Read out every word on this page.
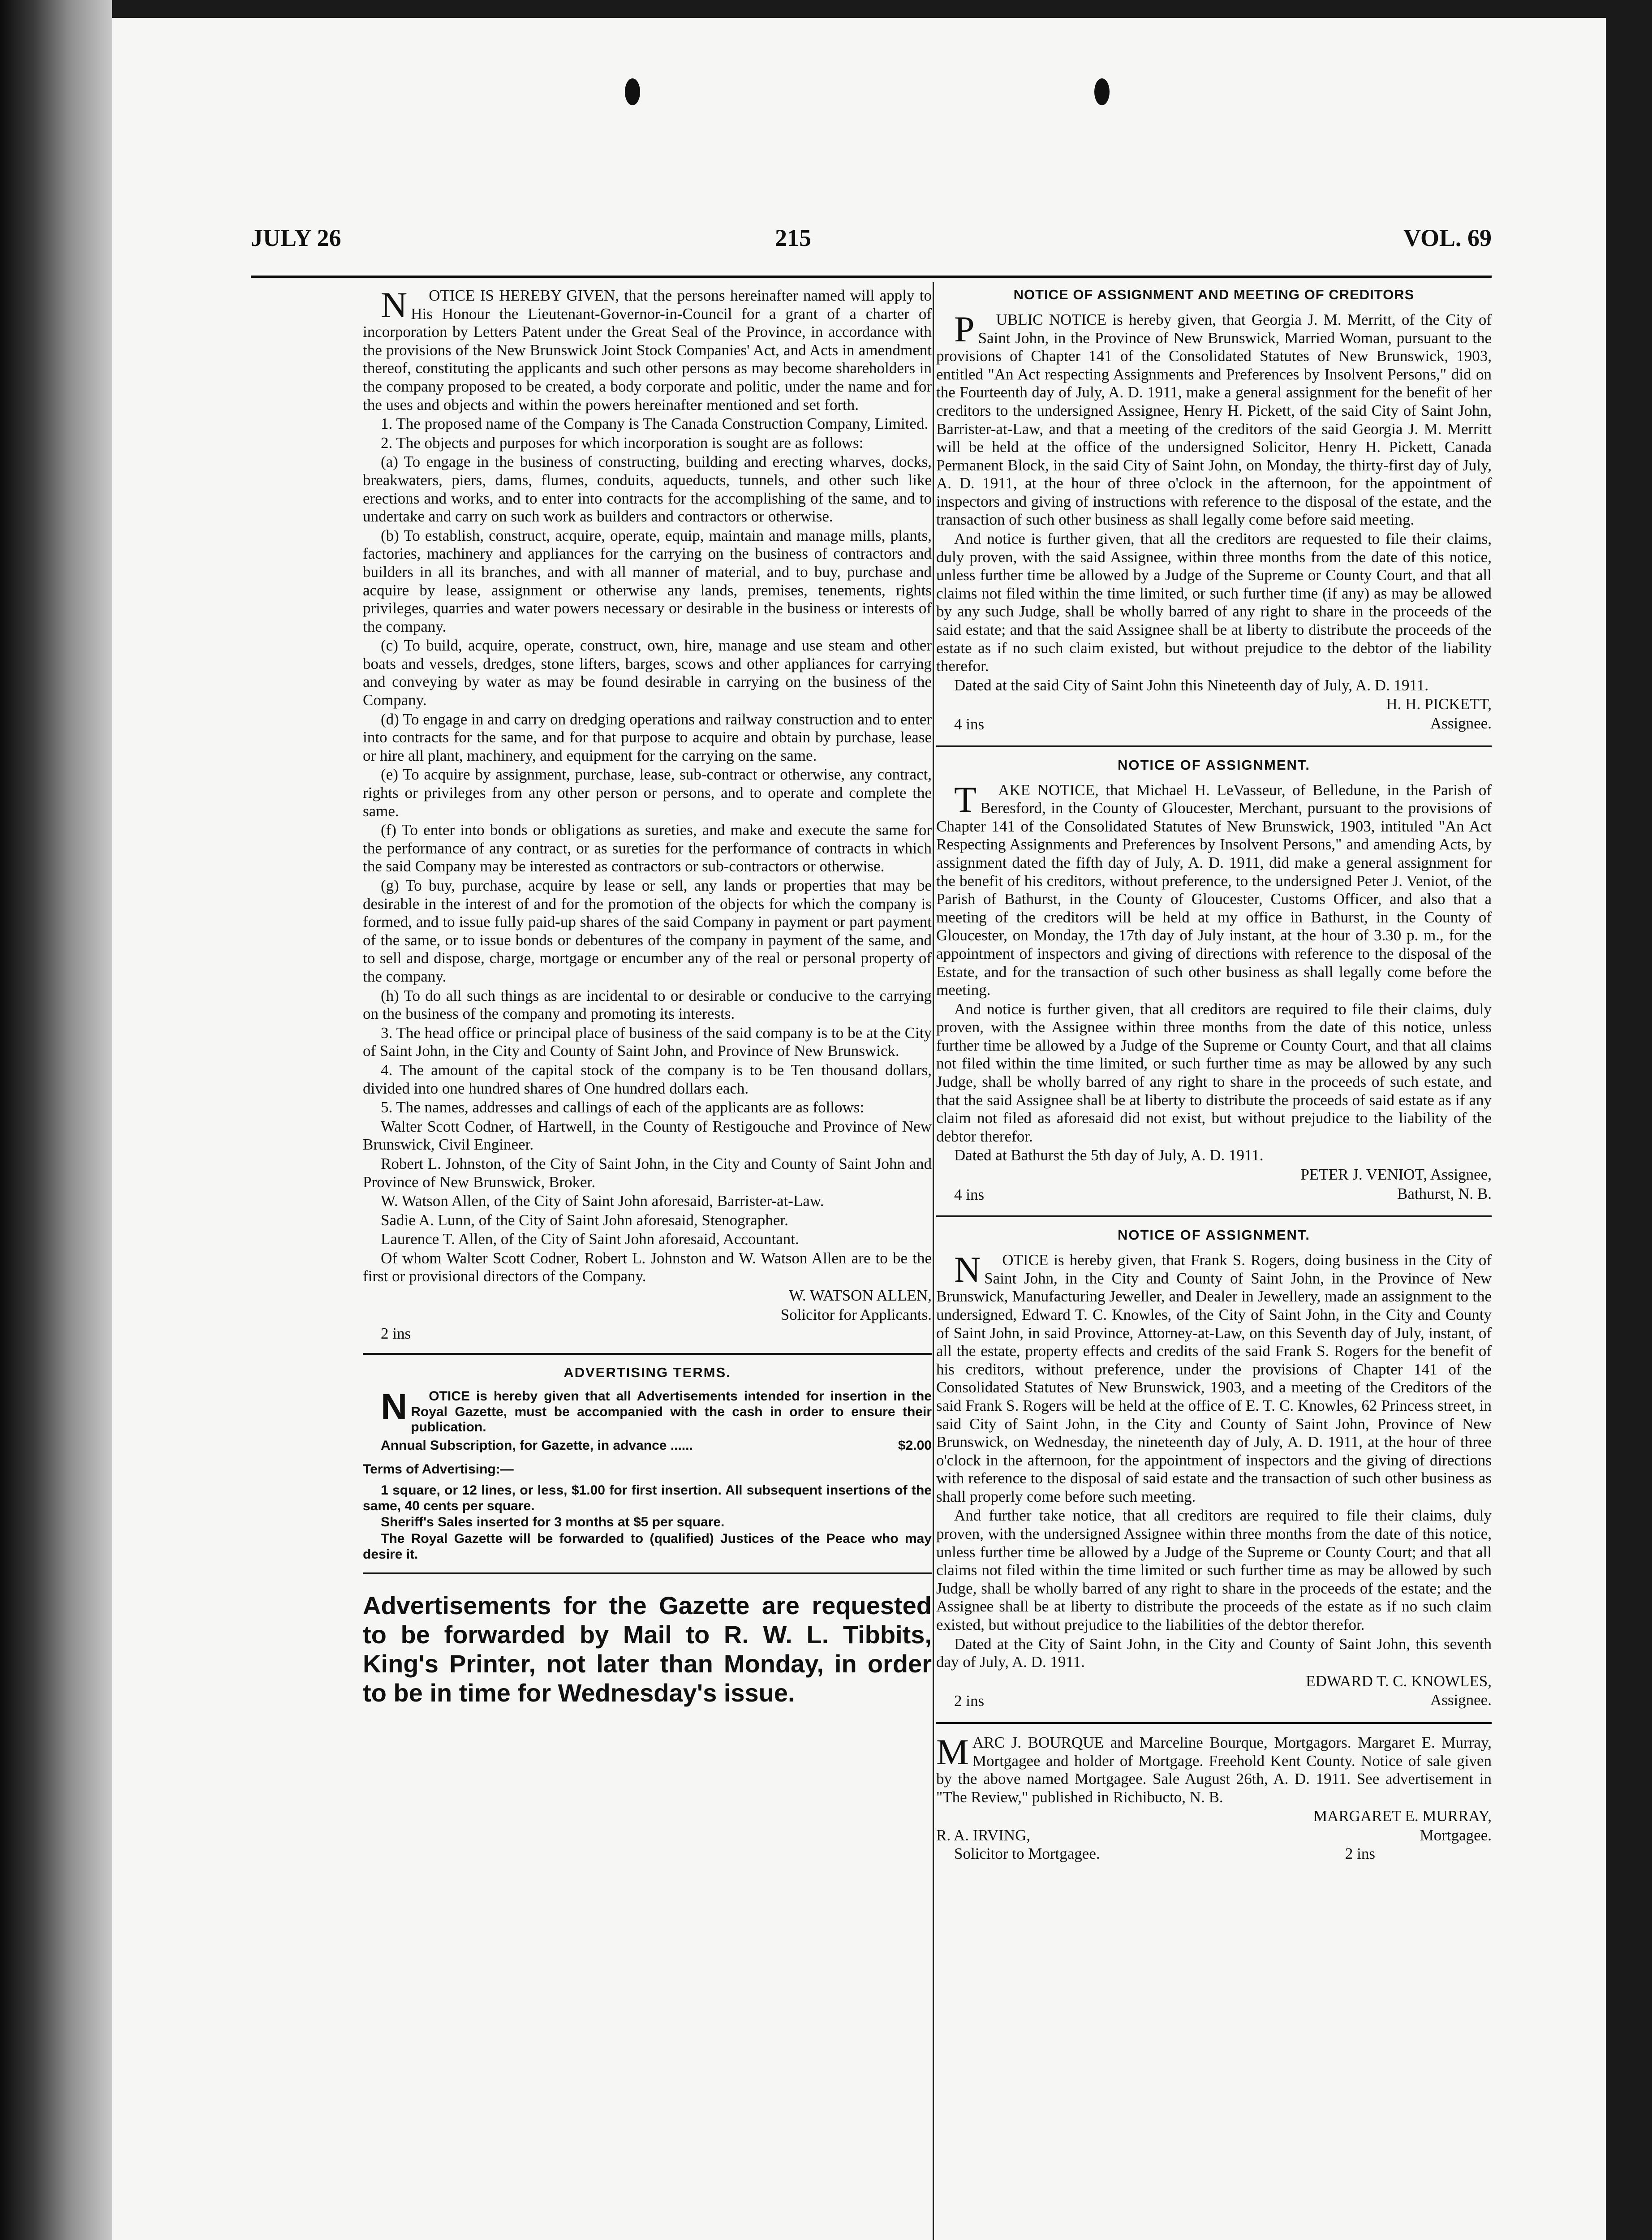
JULY 26	215	VOL. 69

NOTICE IS HEREBY GIVEN, that the persons hereinafter named will apply to His Honour the Lieutenant-Governor-in-Council for a grant of a charter of incorporation by Letters Patent under the Great Seal of the Province, in accordance with the provisions of the New Brunswick Joint Stock Companies' Act, and Acts in amendment thereof, constituting the applicants and such other persons as may become shareholders in the company proposed to be created, a body corporate and politic, under the name and for the uses and objects and within the powers hereinafter mentioned and set forth.

1. The proposed name of the Company is The Canada Construction Company, Limited.

2. The objects and purposes for which incorporation is sought are as follows:

(a) To engage in the business of constructing, building and erecting wharves, docks, breakwaters, piers, dams, flumes, conduits, aqueducts, tunnels, and other such like erections and works, and to enter into contracts for the accomplishing of the same, and to undertake and carry on such work as builders and contractors or otherwise.

(b) To establish, construct, acquire, operate, equip, maintain and manage mills, plants, factories, machinery and appliances for the carrying on the business of contractors and builders in all its branches, and with all manner of material, and to buy, purchase and acquire by lease, assignment or otherwise any lands, premises, tenements, rights privileges, quarries and water powers necessary or desirable in the business or interests of the company.

(c) To build, acquire, operate, construct, own, hire, manage and use steam and other boats and vessels, dredges, stone lifters, barges, scows and other appliances for carrying and conveying by water as may be found desirable in carrying on the business of the Company.

(d) To engage in and carry on dredging operations and railway construction and to enter into contracts for the same, and for that purpose to acquire and obtain by purchase, lease or hire all plant, machinery, and equipment for the carrying on the same.

(e) To acquire by assignment, purchase, lease, sub-contract or otherwise, any contract, rights or privileges from any other person or persons, and to operate and complete the same.

(f) To enter into bonds or obligations as sureties, and make and execute the same for the performance of any contract, or as sureties for the performance of contracts in which the said Company may be interested as contractors or sub-contractors or otherwise.

(g) To buy, purchase, acquire by lease or sell, any lands or properties that may be desirable in the interest of and for the promotion of the objects for which the company is formed, and to issue fully paid-up shares of the said Company in payment or part payment of the same, or to issue bonds or debentures of the company in payment of the same, and to sell and dispose, charge, mortgage or encumber any of the real or personal property of the company.

(h) To do all such things as are incidental to or desirable or conducive to the carrying on the business of the company and promoting its interests.

3. The head office or principal place of business of the said company is to be at the City of Saint John, in the City and County of Saint John, and Province of New Brunswick.

4. The amount of the capital stock of the company is to be Ten thousand dollars, divided into one hundred shares of One hundred dollars each.

5. The names, addresses and callings of each of the applicants are as follows:

Walter Scott Codner, of Hartwell, in the County of Restigouche and Province of New Brunswick, Civil Engineer.

Robert L. Johnston, of the City of Saint John, in the City and County of Saint John and Province of New Brunswick, Broker.

W. Watson Allen, of the City of Saint John aforesaid, Barrister-at-Law.

Sadie A. Lunn, of the City of Saint John aforesaid, Stenographer.

Laurence T. Allen, of the City of Saint John aforesaid, Accountant.

Of whom Walter Scott Codner, Robert L. Johnston and W. Watson Allen are to be the first or provisional directors of the Company.

W. WATSON ALLEN,

Solicitor for Applicants.

2 ins

ADVERTISING TERMS.

NOTICE is hereby given that all Advertisements intended for insertion in the Royal Gazette, must be accompanied with the cash in order to ensure their publication.

Annual Subscription, for Gazette, in advance ......	$2.00

Terms of Advertising:—

1 square, or 12 lines, or less, $1.00 for first insertion. All subsequent insertions of the same, 40 cents per square.

Sheriff's Sales inserted for 3 months at $5 per square.

The Royal Gazette will be forwarded to (qualified) Justices of the Peace who may desire it.

Advertisements for the Gazette are requested to be forwarded by Mail to R. W. L. Tibbits, King's Printer, not later than Monday, in order to be in time for Wednesday's issue.

NOTICE OF ASSIGNMENT AND MEETING OF CREDITORS

PUBLIC NOTICE is hereby given, that Georgia J. M. Merritt, of the City of Saint John, in the Province of New Brunswick, Married Woman, pursuant to the provisions of Chapter 141 of the Consolidated Statutes of New Brunswick, 1903, entitled "An Act respecting Assignments and Preferences by Insolvent Persons," did on the Fourteenth day of July, A. D. 1911, make a general assignment for the benefit of her creditors to the undersigned Assignee, Henry H. Pickett, of the said City of Saint John, Barrister-at-Law, and that a meeting of the creditors of the said Georgia J. M. Merritt will be held at the office of the undersigned Solicitor, Henry H. Pickett, Canada Permanent Block, in the said City of Saint John, on Monday, the thirty-first day of July, A. D. 1911, at the hour of three o'clock in the afternoon, for the appointment of inspectors and giving of instructions with reference to the disposal of the estate, and the transaction of such other business as shall legally come before said meeting.

And notice is further given, that all the creditors are requested to file their claims, duly proven, with the said Assignee, within three months from the date of this notice, unless further time be allowed by a Judge of the Supreme or County Court, and that all claims not filed within the time limited, or such further time (if any) as may be allowed by any such Judge, shall be wholly barred of any right to share in the proceeds of the said estate; and that the said Assignee shall be at liberty to distribute the proceeds of the estate as if no such claim existed, but without prejudice to the debtor of the liability therefor.

Dated at the said City of Saint John this Nineteenth day of July, A. D. 1911.

H. H. PICKETT,

4 ins	Assignee.

NOTICE OF ASSIGNMENT.

TAKE NOTICE, that Michael H. LeVasseur, of Belledune, in the Parish of Beresford, in the County of Gloucester, Merchant, pursuant to the provisions of Chapter 141 of the Consolidated Statutes of New Brunswick, 1903, intituled "An Act Respecting Assignments and Preferences by Insolvent Persons," and amending Acts, by assignment dated the fifth day of July, A. D. 1911, did make a general assignment for the benefit of his creditors, without preference, to the undersigned Peter J. Veniot, of the Parish of Bathurst, in the County of Gloucester, Customs Officer, and also that a meeting of the creditors will be held at my office in Bathurst, in the County of Gloucester, on Monday, the 17th day of July instant, at the hour of 3.30 p. m., for the appointment of inspectors and giving of directions with reference to the disposal of the Estate, and for the transaction of such other business as shall legally come before the meeting.

And notice is further given, that all creditors are required to file their claims, duly proven, with the Assignee within three months from the date of this notice, unless further time be allowed by a Judge of the Supreme or County Court, and that all claims not filed within the time limited, or such further time as may be allowed by any such Judge, shall be wholly barred of any right to share in the proceeds of such estate, and that the said Assignee shall be at liberty to distribute the proceeds of said estate as if any claim not filed as aforesaid did not exist, but without prejudice to the liability of the debtor therefor.

Dated at Bathurst the 5th day of July, A. D. 1911.

PETER J. VENIOT, Assignee,

4 ins	Bathurst, N. B.

NOTICE OF ASSIGNMENT.

NOTICE is hereby given, that Frank S. Rogers, doing business in the City of Saint John, in the City and County of Saint John, in the Province of New Brunswick, Manufacturing Jeweller, and Dealer in Jewellery, made an assignment to the undersigned, Edward T. C. Knowles, of the City of Saint John, in the City and County of Saint John, in said Province, Attorney-at-Law, on this Seventh day of July, instant, of all the estate, property effects and credits of the said Frank S. Rogers for the benefit of his creditors, without preference, under the provisions of Chapter 141 of the Consolidated Statutes of New Brunswick, 1903, and a meeting of the Creditors of the said Frank S. Rogers will be held at the office of E. T. C. Knowles, 62 Princess street, in said City of Saint John, in the City and County of Saint John, Province of New Brunswick, on Wednesday, the nineteenth day of July, A. D. 1911, at the hour of three o'clock in the afternoon, for the appointment of inspectors and the giving of directions with reference to the disposal of said estate and the transaction of such other business as shall properly come before such meeting.

And further take notice, that all creditors are required to file their claims, duly proven, with the undersigned Assignee within three months from the date of this notice, unless further time be allowed by a Judge of the Supreme or County Court; and that all claims not filed within the time limited or such further time as may be allowed by such Judge, shall be wholly barred of any right to share in the proceeds of the estate; and the Assignee shall be at liberty to distribute the proceeds of the estate as if no such claim existed, but without prejudice to the liabilities of the debtor therefor.

Dated at the City of Saint John, in the City and County of Saint John, this seventh day of July, A. D. 1911.

EDWARD T. C. KNOWLES,

2 ins	Assignee.

MARC J. BOURQUE and Marceline Bourque, Mortgagors. Margaret E. Murray, Mortgagee and holder of Mortgage. Freehold Kent County. Notice of sale given by the above named Mortgagee. Sale August 26th, A. D. 1911. See advertisement in "The Review," published in Richibucto, N. B.

MARGARET E. MURRAY,

R. A. IRVING,	Mortgagee.
Solicitor to Mortgagee.	2 ins
